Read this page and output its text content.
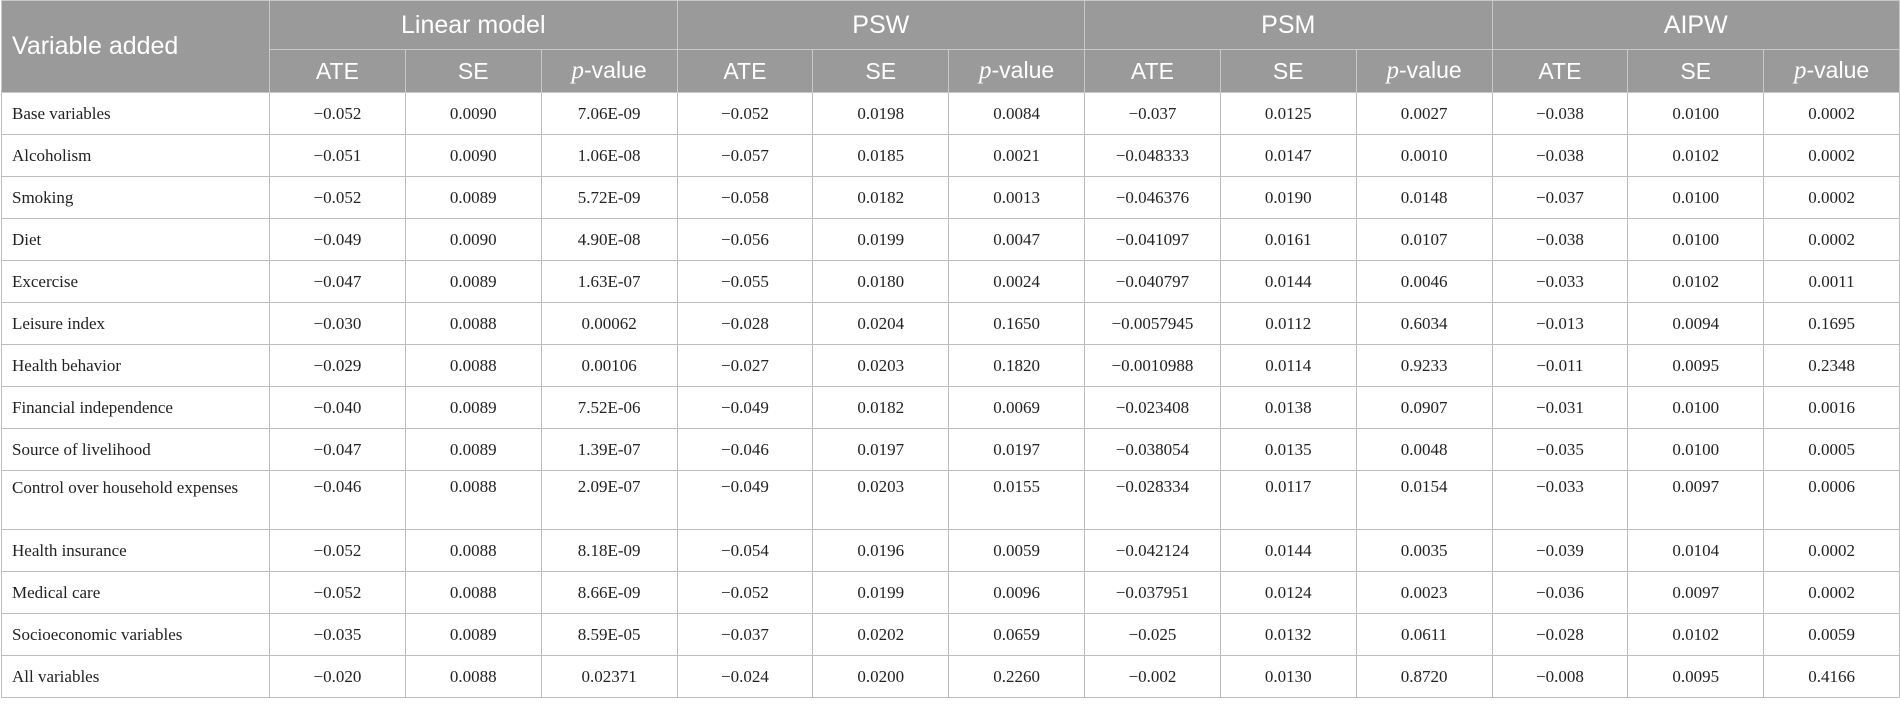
Variable added	Linear model			PSW			PSM			AIPW		
	ATE	SE	p-value	ATE	SE	p-value	ATE	SE	p-value	ATE	SE	p-value
Base variables	−0.052	0.0090	7.06E-09	−0.052	0.0198	0.0084	−0.037	0.0125	0.0027	−0.038	0.0100	0.0002
Alcoholism	−0.051	0.0090	1.06E-08	−0.057	0.0185	0.0021	−0.048333	0.0147	0.0010	−0.038	0.0102	0.0002
Smoking	−0.052	0.0089	5.72E-09	−0.058	0.0182	0.0013	−0.046376	0.0190	0.0148	−0.037	0.0100	0.0002
Diet	−0.049	0.0090	4.90E-08	−0.056	0.0199	0.0047	−0.041097	0.0161	0.0107	−0.038	0.0100	0.0002
Excercise	−0.047	0.0089	1.63E-07	−0.055	0.0180	0.0024	−0.040797	0.0144	0.0046	−0.033	0.0102	0.0011
Leisure index	−0.030	0.0088	0.00062	−0.028	0.0204	0.1650	−0.0057945	0.0112	0.6034	−0.013	0.0094	0.1695
Health behavior	−0.029	0.0088	0.00106	−0.027	0.0203	0.1820	−0.0010988	0.0114	0.9233	−0.011	0.0095	0.2348
Financial independence	−0.040	0.0089	7.52E-06	−0.049	0.0182	0.0069	−0.023408	0.0138	0.0907	−0.031	0.0100	0.0016
Source of livelihood	−0.047	0.0089	1.39E-07	−0.046	0.0197	0.0197	−0.038054	0.0135	0.0048	−0.035	0.0100	0.0005
Control over household expenses	−0.046	0.0088	2.09E-07	−0.049	0.0203	0.0155	−0.028334	0.0117	0.0154	−0.033	0.0097	0.0006
Health insurance	−0.052	0.0088	8.18E-09	−0.054	0.0196	0.0059	−0.042124	0.0144	0.0035	−0.039	0.0104	0.0002
Medical care	−0.052	0.0088	8.66E-09	−0.052	0.0199	0.0096	−0.037951	0.0124	0.0023	−0.036	0.0097	0.0002
Socioeconomic variables	−0.035	0.0089	8.59E-05	−0.037	0.0202	0.0659	−0.025	0.0132	0.0611	−0.028	0.0102	0.0059
All variables	−0.020	0.0088	0.02371	−0.024	0.0200	0.2260	−0.002	0.0130	0.8720	−0.008	0.0095	0.4166
